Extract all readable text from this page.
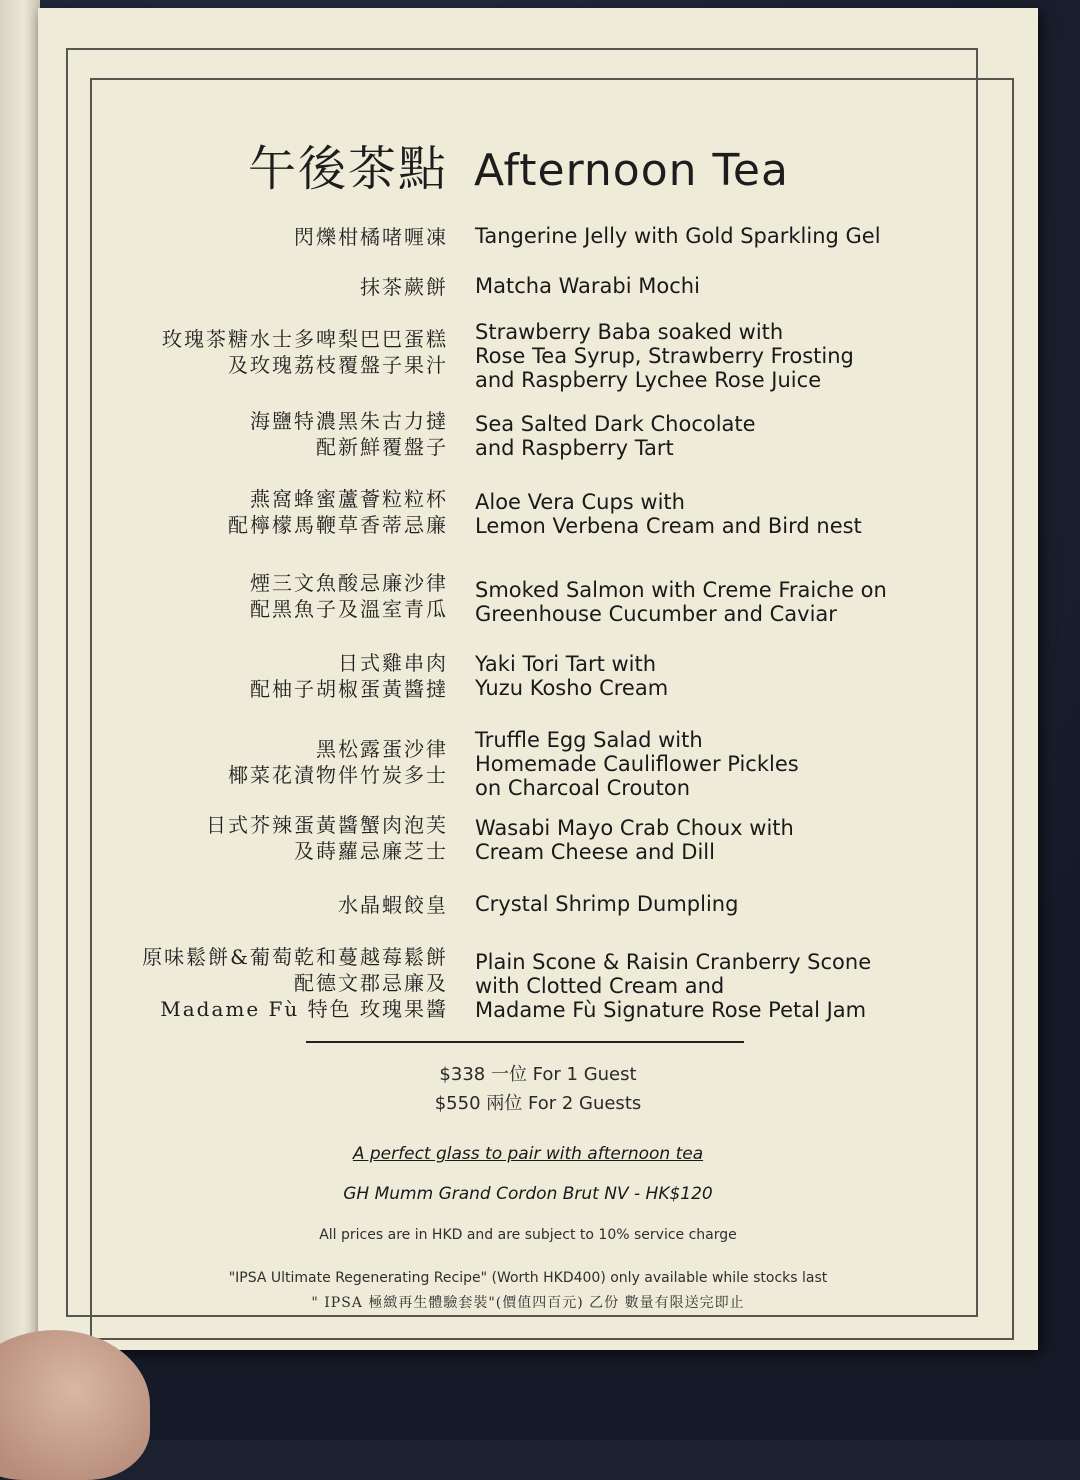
午後茶點 Afternoon Tea
閃爍柑橘啫喱凍 Tangerine Jelly with Gold Sparkling Gel
抹茶蕨餅 Matcha Warabi Mochi
玫瑰茶糖水士多啤梨巴巴蛋糕
及玫瑰荔枝覆盤子果汁
Strawberry Baba soaked with
Rose Tea Syrup, Strawberry Frosting
and Raspberry Lychee Rose Juice
海鹽特濃黑朱古力撻
配新鮮覆盤子
Sea Salted Dark Chocolate
and Raspberry Tart
燕窩蜂蜜蘆薈粒粒杯
配檸檬馬鞭草香蒂忌廉
Aloe Vera Cups with
Lemon Verbena Cream and Bird nest
煙三文魚酸忌廉沙律
配黑魚子及溫室青瓜
Smoked Salmon with Creme Fraiche on
Greenhouse Cucumber and Caviar
日式雞串肉
配柚子胡椒蛋黃醬撻
Yaki Tori Tart with
Yuzu Kosho Cream
黑松露蛋沙律
椰菜花漬物伴竹炭多士
Truffle Egg Salad with
Homemade Cauliflower Pickles
on Charcoal Crouton
日式芥辣蛋黃醬蟹肉泡芙
及蒔蘿忌廉芝士
Wasabi Mayo Crab Choux with
Cream Cheese and Dill
水晶蝦餃皇 Crystal Shrimp Dumpling
原味鬆餅&葡萄乾和蔓越莓鬆餅
配德文郡忌廉及
Madame Fù 特色 玫瑰果醬
Plain Scone & Raisin Cranberry Scone
with Clotted Cream and
Madame Fù Signature Rose Petal Jam
$338 一位 For 1 Guest
$550 兩位 For 2 Guests
A perfect glass to pair with afternoon tea
GH Mumm Grand Cordon Brut NV - HK$120
All prices are in HKD and are subject to 10% service charge
"IPSA Ultimate Regenerating Recipe" (Worth HKD400) only available while stocks last
" IPSA 極緻再生體驗套裝"(價值四百元) 乙份 數量有限送完即止
